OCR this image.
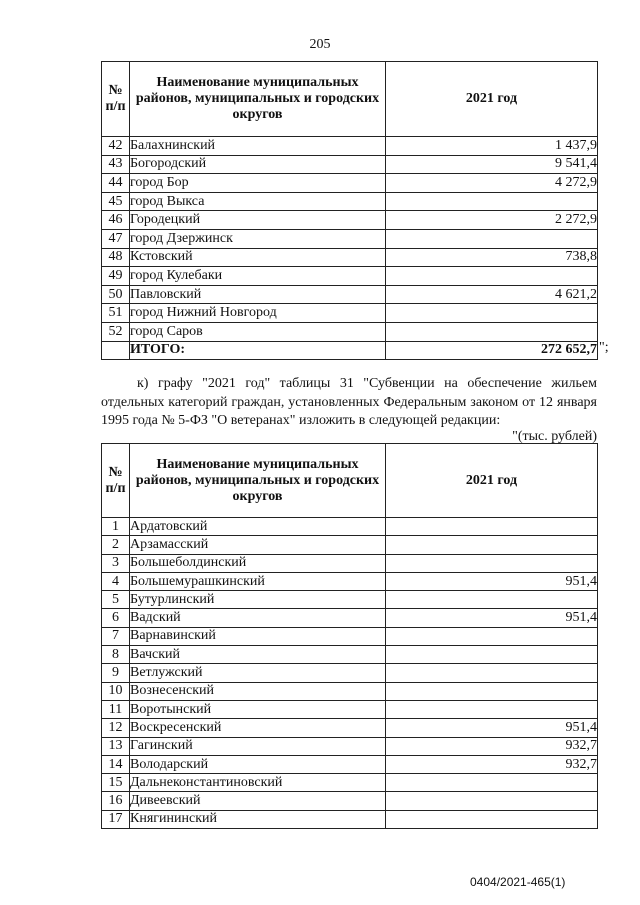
205
№ п/п	Наименование муниципальных районов, муниципальных и городских округов	2021 год
42	Балахнинский	1 437,9
43	Богородский	9 541,4
44	город Бор	4 272,9
45	город Выкса	
46	Городецкий	2 272,9
47	город Дзержинск	
48	Кстовский	738,8
49	город Кулебаки	
50	Павловский	4 621,2
51	город Нижний Новгород	
52	город Саров	
	ИТОГО:	272 652,7 ";
к) графу "2021 год" таблицы 31 "Субвенции на обеспечение жильем отдельных категорий граждан, установленных Федеральным законом от 12 января 1995 года № 5-ФЗ "О ветеранах" изложить в следующей редакции:
"(тыс. рублей)
№ п/п	Наименование муниципальных районов, муниципальных и городских округов	2021 год
1	Ардатовский	
2	Арзамасский	
3	Большеболдинский	
4	Большемурашкинский	951,4
5	Бутурлинский	
6	Вадский	951,4
7	Варнавинский	
8	Вачский	
9	Ветлужский	
10	Вознесенский	
11	Воротынский	
12	Воскресенский	951,4
13	Гагинский	932,7
14	Володарский	932,7
15	Дальнеконстантиновский	
16	Дивеевский	
17	Княгининский	
0404/2021-465(1)
